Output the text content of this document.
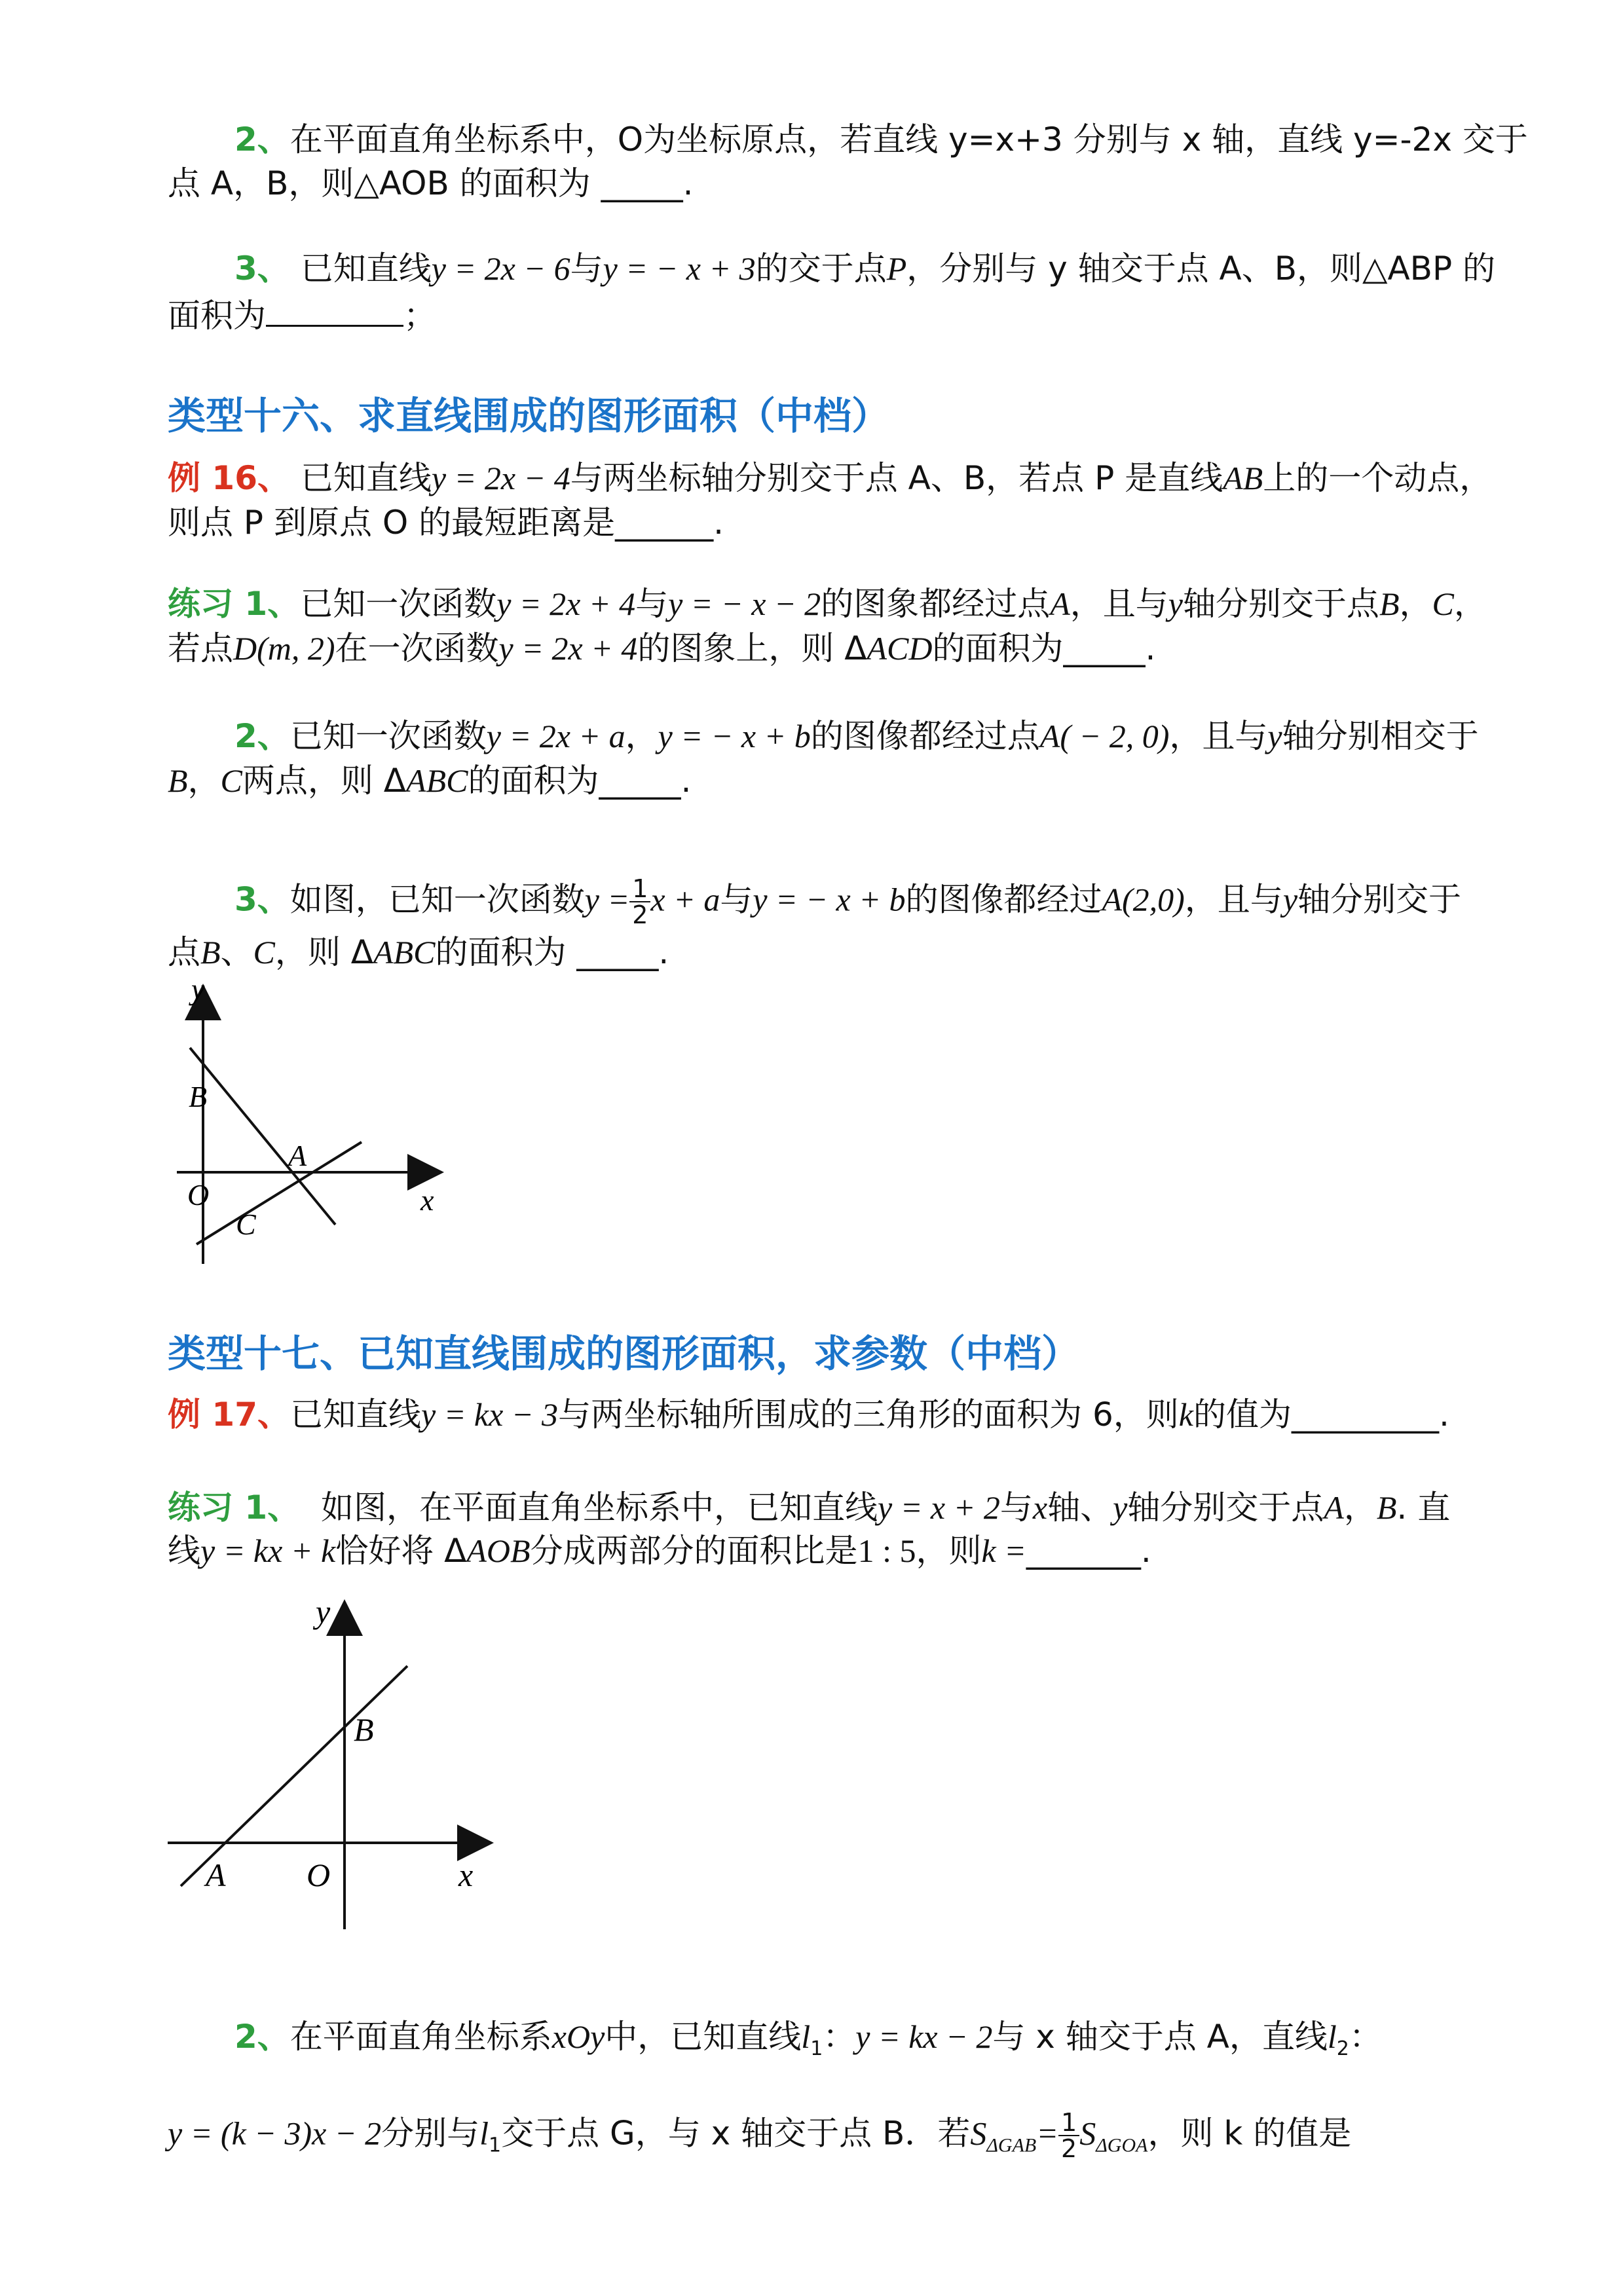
2、在平面直角坐标系中，O为坐标原点，若直线 y=x+3 分别与 x 轴，直线 y=-2x 交于
点 A，B，则△AOB 的面积为 _____.
3、 已知直线y = 2x − 6与y = − x + 3的交于点P，分别与 y 轴交于点 A、B，则△ABP 的
面积为	；
类型十六、求直线围成的图形面积（中档）
例 16、 已知直线y = 2x − 4与两坐标轴分别交于点 A、B，若点 P 是直线AB上的一个动点，
则点 P 到原点 O 的最短距离是______.
练习 1、已知一次函数y = 2x + 4与y = − x − 2的图象都经过点A，且与y轴分别交于点B，C，
若点D(m, 2)在一次函数y = 2x + 4的图象上，则 ΔACD的面积为_____.
2、已知一次函数y = 2x + a，y = − x + b的图像都经过点A( − 2, 0)，且与y轴分别相交于
B，C两点，则 ΔABC的面积为_____.
3、如图，已知一次函数$y = \frac{1}{2}$ x + a与y = − x + b的图像都经过A(2,0)，且与y轴分别交于
点B、C，则 ΔABC的面积为 _____.
y
B
A
O
C
x
类型十七、已知直线围成的图形面积，求参数（中档）
例 17、已知直线y = kx − 3与两坐标轴所围成的三角形的面积为 6，则k的值为_________.
练习 1、 如图，在平面直角坐标系中，已知直线y = x + 2与x轴、y轴分别交于点A，B. 直
线y = kx + k恰好将 ΔAOB分成两部分的面积比是1 : 5，则k =_______.
y
B
A O	x
2、在平面直角坐标系xOy中，已知直线$l_1$：y = kx − 2与 x 轴交于点 A，直线$l_2$：
y = (k − 3)x − 2分别与$l_1$交于点 G，与 x 轴交于点 B．若$S_{\Delta GAB}= \frac{1}{2} S_{\Delta GOA}$，则 k 的值是
